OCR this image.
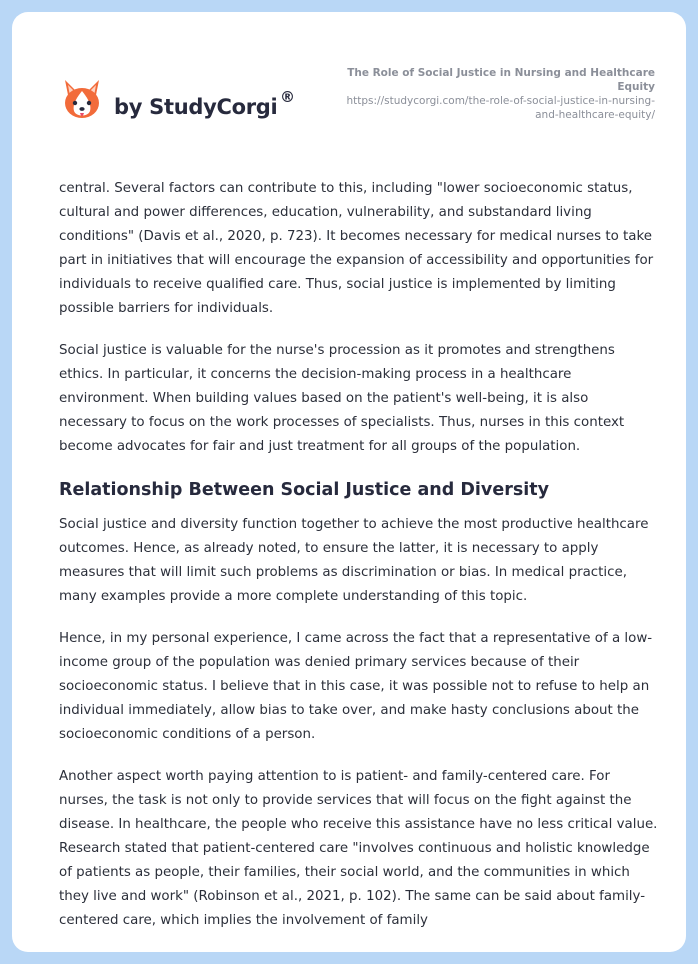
by StudyCorgi ®
The Role of Social Justice in Nursing and Healthcare
Equity
https://studycorgi.com/the-role-of-social-justice-in-nursing-
and-healthcare-equity/

central. Several factors can contribute to this, including "lower socioeconomic status, cultural and power differences, education, vulnerability, and substandard living conditions" (Davis et al., 2020, p. 723). It becomes necessary for medical nurses to take part in initiatives that will encourage the expansion of accessibility and opportunities for individuals to receive qualified care. Thus, social justice is implemented by limiting possible barriers for individuals.

Social justice is valuable for the nurse's procession as it promotes and strengthens ethics. In particular, it concerns the decision-making process in a healthcare environment. When building values based on the patient's well-being, it is also necessary to focus on the work processes of specialists. Thus, nurses in this context become advocates for fair and just treatment for all groups of the population.

Relationship Between Social Justice and Diversity

Social justice and diversity function together to achieve the most productive healthcare outcomes. Hence, as already noted, to ensure the latter, it is necessary to apply measures that will limit such problems as discrimination or bias. In medical practice, many examples provide a more complete understanding of this topic.

Hence, in my personal experience, I came across the fact that a representative of a low-income group of the population was denied primary services because of their socioeconomic status. I believe that in this case, it was possible not to refuse to help an individual immediately, allow bias to take over, and make hasty conclusions about the socioeconomic conditions of a person.

Another aspect worth paying attention to is patient- and family-centered care. For nurses, the task is not only to provide services that will focus on the fight against the disease. In healthcare, the people who receive this assistance have no less critical value. Research stated that patient-centered care "involves continuous and holistic knowledge of patients as people, their families, their social world, and the communities in which they live and work" (Robinson et al., 2021, p. 102). The same can be said about family-centered care, which implies the involvement of family
